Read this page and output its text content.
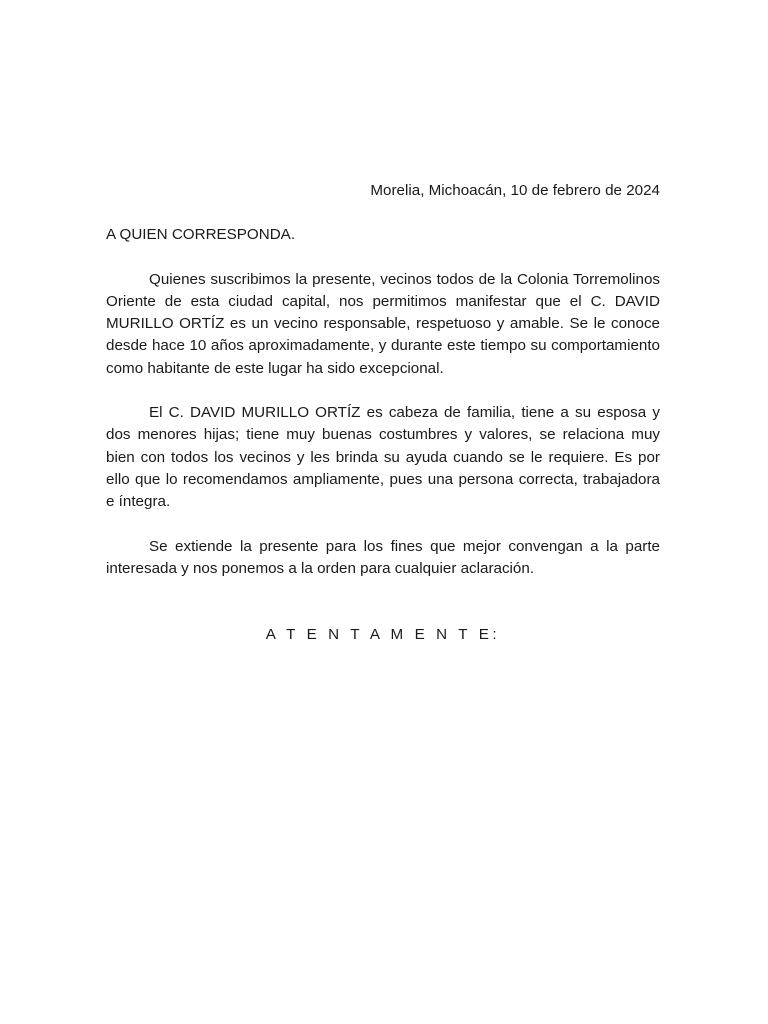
Morelia, Michoacán, 10 de febrero de 2024

A QUIEN CORRESPONDA.

Quienes suscribimos la presente, vecinos todos de la Colonia Torremolinos Oriente de esta ciudad capital, nos permitimos manifestar que el C. DAVID MURILLO ORTÍZ es un vecino responsable, respetuoso y amable. Se le conoce desde hace 10 años aproximadamente, y durante este tiempo su comportamiento como habitante de este lugar ha sido excepcional.

El C. DAVID MURILLO ORTÍZ es cabeza de familia, tiene a su esposa y dos menores hijas; tiene muy buenas costumbres y valores, se relaciona muy bien con todos los vecinos y les brinda su ayuda cuando se le requiere. Es por ello que lo recomendamos ampliamente, pues una persona correcta, trabajadora e íntegra.

Se extiende la presente para los fines que mejor convengan a la parte interesada y nos ponemos a la orden para cualquier aclaración.

A T E N T A M E N T E:
